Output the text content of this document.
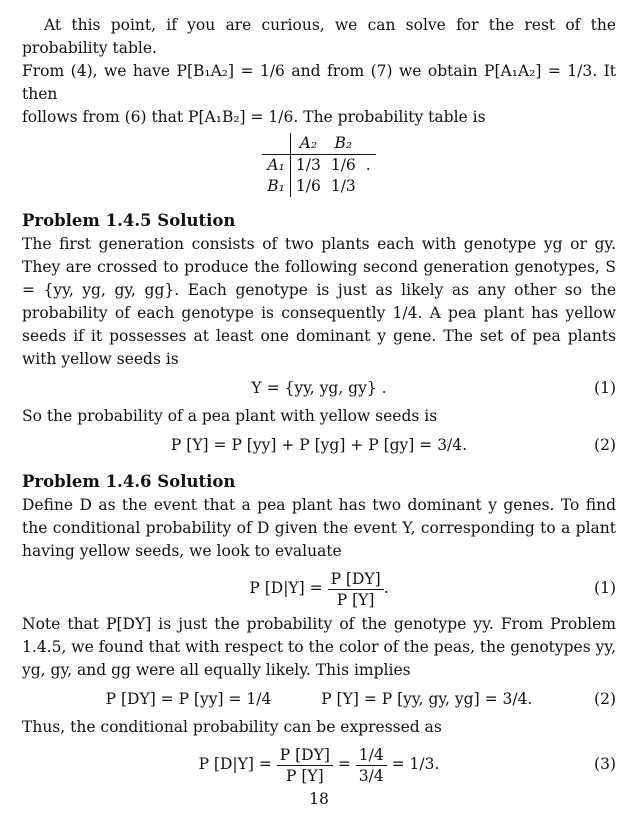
At this point, if you are curious, we can solve for the rest of the probability table.

From (4), we have P[B₁A₂] = 1/6 and from (7) we obtain P[A₁A₂] = 1/3. It then

follows from (6) that P[A₁B₂] = 1/6. The probability table is

	A₂	B₂	
A₁	1/3	1/6	.
B₁	1/6	1/3	
Problem 1.4.5 Solution

The first generation consists of two plants each with genotype yg or gy. They are crossed to produce the following second generation genotypes, S = {yy, yg, gy, gg}. Each genotype is just as likely as any other so the probability of each genotype is consequently 1/4. A pea plant has yellow seeds if it possesses at least one dominant y gene. The set of pea plants with yellow seeds is

Y = {yy, yg, gy} .	(1)

So the probability of a pea plant with yellow seeds is

P [Y] = P [yy] + P [yg] + P [gy] = 3/4.	(2)
Problem 1.4.6 Solution

Define D as the event that a pea plant has two dominant y genes. To find the conditional probability of D given the event Y, corresponding to a plant having yellow seeds, we look to evaluate

P $[D|Y] = \frac{P [DY]}{P [Y]}$ .	(1)

Note that P[DY] is just the probability of the genotype yy. From Problem 1.4.5, we found that with respect to the color of the peas, the genotypes yy, yg, gy, and gg were all equally likely. This implies

P [DY] = P [yy] = 1/4	P [Y] = P [yy, gy, yg] = 3/4.	(2)

Thus, the conditional probability can be expressed as

P $[D|Y] = \frac{P [DY]}{P [Y]} = \frac{1/4}{3/4} = 1/3$.	(3)
18
